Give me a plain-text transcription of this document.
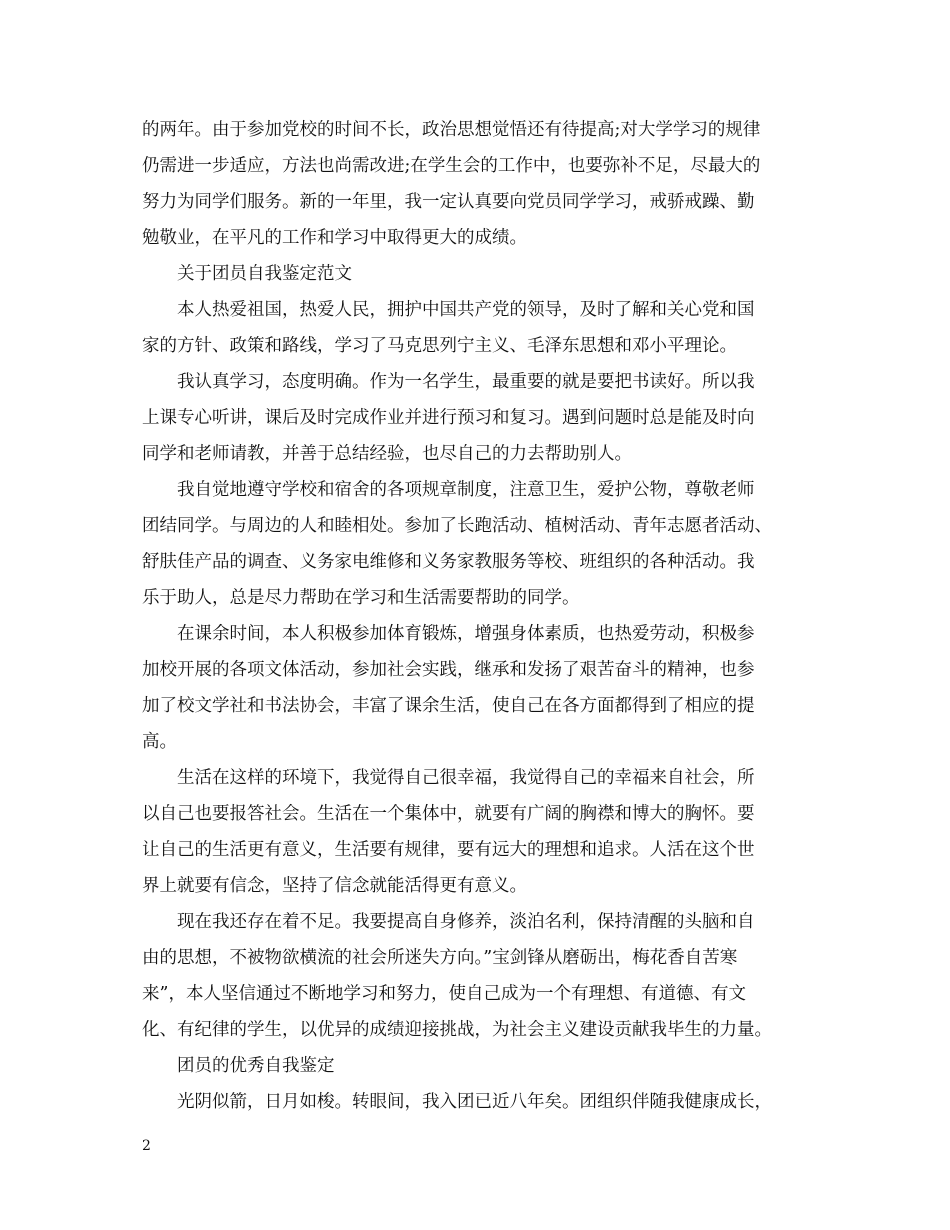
的两年。由于参加党校的时间不长，政治思想觉悟还有待提高;对大学学习的规律
仍需进一步适应，方法也尚需改进;在学生会的工作中，也要弥补不足，尽最大的
努力为同学们服务。新的一年里，我一定认真要向党员同学学习，戒骄戒躁、勤
勉敬业，在平凡的工作和学习中取得更大的成绩。
关于团员自我鉴定范文
本人热爱祖国，热爱人民，拥护中国共产党的领导，及时了解和关心党和国
家的方针、政策和路线，学习了马克思列宁主义、毛泽东思想和邓小平理论。
我认真学习，态度明确。作为一名学生，最重要的就是要把书读好。所以我
上课专心听讲，课后及时完成作业并进行预习和复习。遇到问题时总是能及时向
同学和老师请教，并善于总结经验，也尽自己的力去帮助别人。
我自觉地遵守学校和宿舍的各项规章制度，注意卫生，爱护公物，尊敬老师
团结同学。与周边的人和睦相处。参加了长跑活动、植树活动、青年志愿者活动、
舒肤佳产品的调查、义务家电维修和义务家教服务等校、班组织的各种活动。我
乐于助人，总是尽力帮助在学习和生活需要帮助的同学。
在课余时间，本人积极参加体育锻炼，增强身体素质，也热爱劳动，积极参
加校开展的各项文体活动，参加社会实践，继承和发扬了艰苦奋斗的精神，也参
加了校文学社和书法协会，丰富了课余生活，使自己在各方面都得到了相应的提
高。
生活在这样的环境下，我觉得自己很幸福，我觉得自己的幸福来自社会，所
以自己也要报答社会。生活在一个集体中，就要有广阔的胸襟和博大的胸怀。要
让自己的生活更有意义，生活要有规律，要有远大的理想和追求。人活在这个世
界上就要有信念，坚持了信念就能活得更有意义。
现在我还存在着不足。我要提高自身修养，淡泊名利，保持清醒的头脑和自
由的思想，不被物欲横流的社会所迷失方向。”宝剑锋从磨砺出，梅花香自苦寒
来”，本人坚信通过不断地学习和努力，使自己成为一个有理想、有道德、有文
化、有纪律的学生，以优异的成绩迎接挑战，为社会主义建设贡献我毕生的力量。
团员的优秀自我鉴定
光阴似箭，日月如梭。转眼间，我入团已近八年矣。团组织伴随我健康成长，
2
